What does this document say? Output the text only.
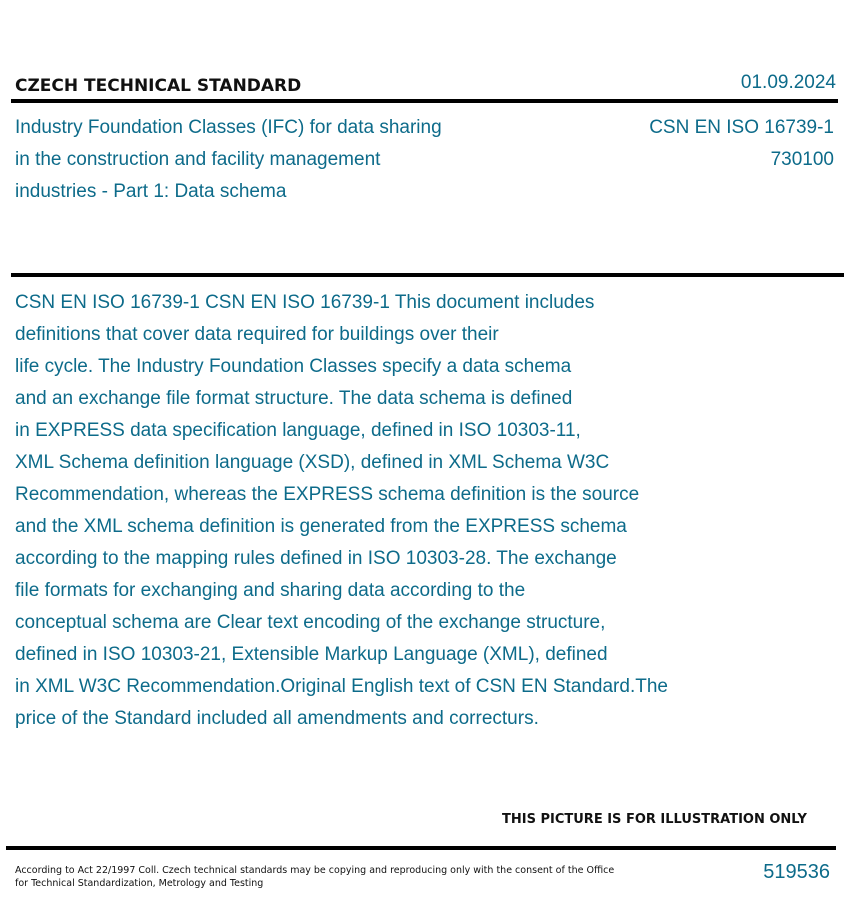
CZECH TECHNICAL STANDARD	01.09.2024
Industry Foundation Classes (IFC) for data sharing
in the construction and facility management
industries - Part 1: Data schema
CSN EN ISO 16739-1
730100
CSN EN ISO 16739-1 CSN EN ISO 16739-1 This document includes
definitions that cover data required for buildings over their
life cycle. The Industry Foundation Classes specify a data schema
and an exchange file format structure. The data schema is defined
in EXPRESS data specification language, defined in ISO 10303-11,
XML Schema definition language (XSD), defined in XML Schema W3C
Recommendation, whereas the EXPRESS schema definition is the source
and the XML schema definition is generated from the EXPRESS schema
according to the mapping rules defined in ISO 10303-28. The exchange
file formats for exchanging and sharing data according to the
conceptual schema are Clear text encoding of the exchange structure,
defined in ISO 10303-21, Extensible Markup Language (XML), defined
in XML W3C Recommendation.Original English text of CSN EN Standard.The
price of the Standard included all amendments and correcturs.
THIS PICTURE IS FOR ILLUSTRATION ONLY
According to Act 22/1997 Coll. Czech technical standards may be copying and reproducing only with the consent of the Office
for Technical Standardization, Metrology and Testing
519536
